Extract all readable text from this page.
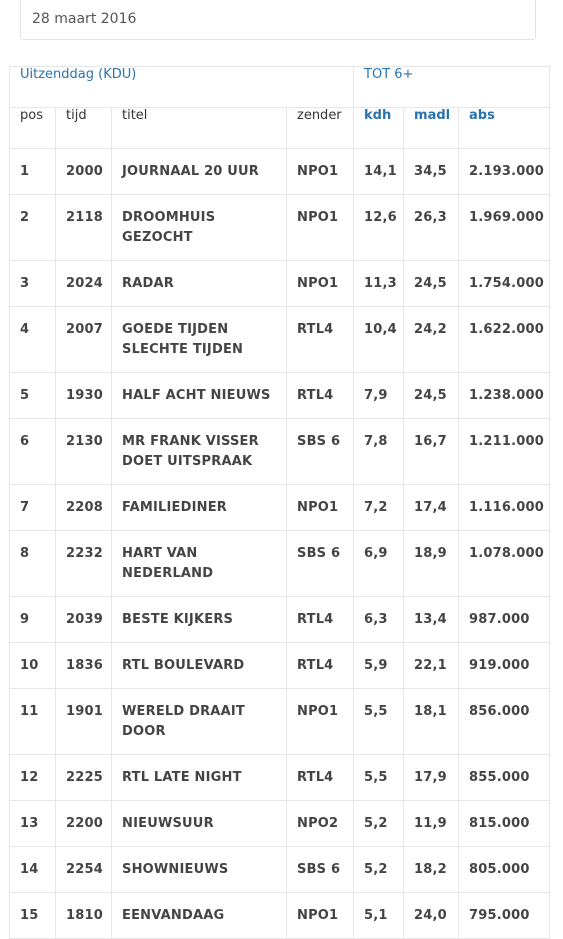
28 maart 2016
Uitzenddag (KDU)				TOT 6+		
pos	tijd	titel	zender	kdh	madl	abs
1	2000	JOURNAAL 20 UUR	NPO1	14,1	34,5	2.193.000
2	2118	DROOMHUIS GEZOCHT	NPO1	12,6	26,3	1.969.000
3	2024	RADAR	NPO1	11,3	24,5	1.754.000
4	2007	GOEDE TIJDEN SLECHTE TIJDEN	RTL4	10,4	24,2	1.622.000
5	1930	HALF ACHT NIEUWS	RTL4	7,9	24,5	1.238.000
6	2130	MR FRANK VISSER DOET UITSPRAAK	SBS 6	7,8	16,7	1.211.000
7	2208	FAMILIEDINER	NPO1	7,2	17,4	1.116.000
8	2232	HART VAN NEDERLAND	SBS 6	6,9	18,9	1.078.000
9	2039	BESTE KIJKERS	RTL4	6,3	13,4	987.000
10	1836	RTL BOULEVARD	RTL4	5,9	22,1	919.000
11	1901	WERELD DRAAIT DOOR	NPO1	5,5	18,1	856.000
12	2225	RTL LATE NIGHT	RTL4	5,5	17,9	855.000
13	2200	NIEUWSUUR	NPO2	5,2	11,9	815.000
14	2254	SHOWNIEUWS	SBS 6	5,2	18,2	805.000
15	1810	EENVANDAAG	NPO1	5,1	24,0	795.000
